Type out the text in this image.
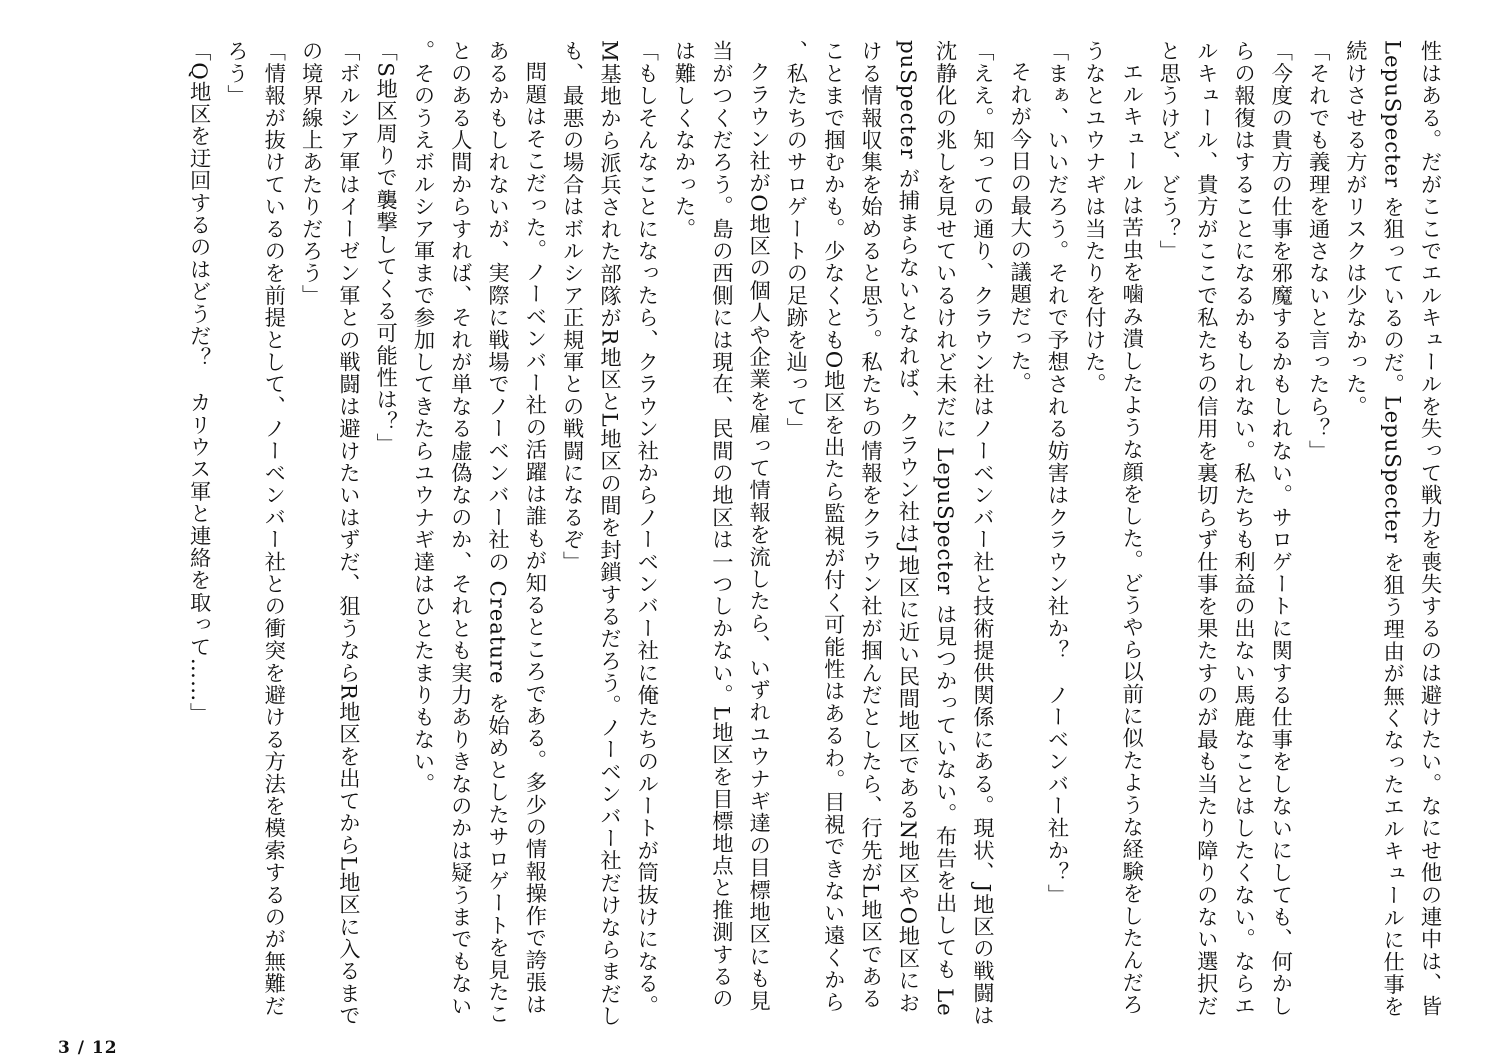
性はある。だがここでエルキュールを失って戦力を喪失するのは避けたい。なにせ他の連中は、皆 LepuSpecter を狙っているのだ。LepuSpecter を狙う理由が無くなったエルキュールに仕事を続けさせる方がリスクは少なかった。

「それでも義理を通さないと言ったら？」

「今度の貴方の仕事を邪魔するかもしれない。サロゲートに関する仕事をしないにしても、何かしらの報復はすることになるかもしれない。私たちも利益の出ない馬鹿なことはしたくない。ならエルキュール、貴方がここで私たちの信用を裏切らず仕事を果たすのが最も当たり障りのない選択だと思うけど、どう？」

エルキュールは苦虫を噛み潰したような顔をした。どうやら以前に似たような経験をしたんだろうなとユウナギは当たりを付けた。

「まぁ、いいだろう。それで予想される妨害はクラウン社か？　ノーベンバー社か？」

それが今日の最大の議題だった。

「ええ。知っての通り、クラウン社はノーベンバー社と技術提供関係にある。現状、J地区の戦闘は沈静化の兆しを見せているけれど未だに LepuSpecter は見つかっていない。布告を出しても LepuSpecter が捕まらないとなれば、クラウン社はJ地区に近い民間地区であるN地区やO地区における情報収集を始めると思う。私たちの情報をクラウン社が掴んだとしたら、行先がL地区であることまで掴むかも。少なくともO地区を出たら監視が付く可能性はあるわ。目視できない遠くから、私たちのサロゲートの足跡を辿って」

クラウン社がO地区の個人や企業を雇って情報を流したら、いずれユウナギ達の目標地区にも見当がつくだろう。島の西側には現在、民間の地区は一つしかない。L地区を目標地点と推測するのは難しくなかった。

「もしそんなことになったら、クラウン社からノーベンバー社に俺たちのルートが筒抜けになる。M基地から派兵された部隊がR地区とL地区の間を封鎖するだろう。ノーベンバー社だけならまだしも、最悪の場合はボルシア正規軍との戦闘になるぞ」

問題はそこだった。ノーベンバー社の活躍は誰もが知るところである。多少の情報操作で誇張はあるかもしれないが、実際に戦場でノーベンバー社の Creature を始めとしたサロゲートを見たことのある人間からすれば、それが単なる虚偽なのか、それとも実力ありきなのかは疑うまでもない。そのうえボルシア軍まで参加してきたらユウナギ達はひとたまりもない。

「S地区周りで襲撃してくる可能性は？」

「ボルシア軍はイーゼン軍との戦闘は避けたいはずだ、狙うならR地区を出てからL地区に入るまでの境界線上あたりだろう」

「情報が抜けているのを前提として、ノーベンバー社との衝突を避ける方法を模索するのが無難だろう」

「Q地区を迂回するのはどうだ？　カリウス軍と連絡を取って……」

3 / 12
